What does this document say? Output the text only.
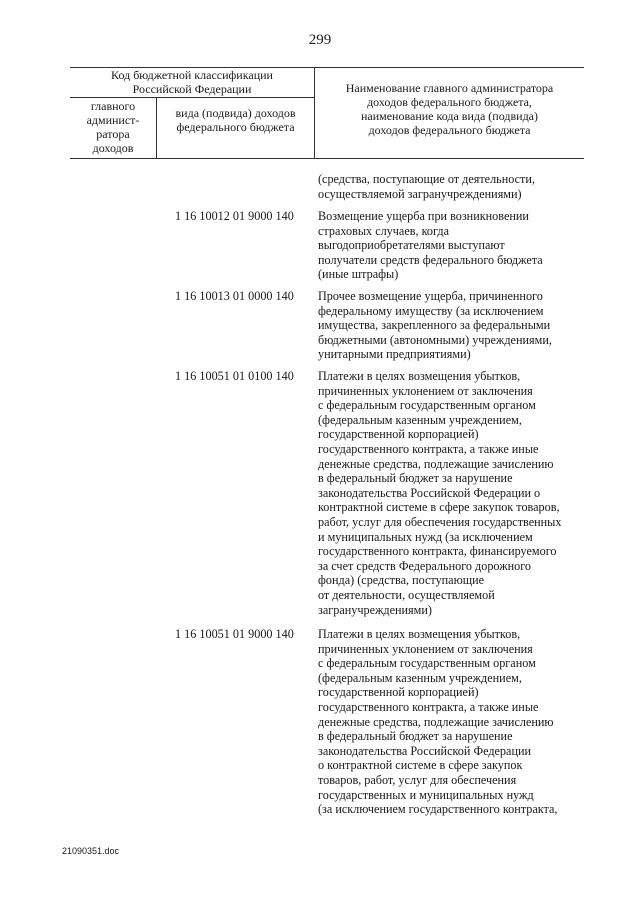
299
Код бюджетной классификации
Российской Федерации
главного
админист-
ратора
доходов
вида (подвида) доходов
федерального бюджета
Наименование главного администратора
доходов федерального бюджета,
наименование кода вида (подвида)
доходов федерального бюджета
(средства, поступающие от деятельности,
осуществляемой загранучреждениями)
1 16 10012 01 9000 140 Возмещение ущерба при возникновении
страховых случаев, когда
выгодоприобретателями выступают
получатели средств федерального бюджета
(иные штрафы)
1 16 10013 01 0000 140 Прочее возмещение ущерба, причиненного
федеральному имуществу (за исключением
имущества, закрепленного за федеральными
бюджетными (автономными) учреждениями,
унитарными предприятиями)
1 16 10051 01 0100 140 Платежи в целях возмещения убытков,
причиненных уклонением от заключения
с федеральным государственным органом
(федеральным казенным учреждением,
государственной корпорацией)
государственного контракта, а также иные
денежные средства, подлежащие зачислению
в федеральный бюджет за нарушение
законодательства Российской Федерации о
контрактной системе в сфере закупок товаров,
работ, услуг для обеспечения государственных
и муниципальных нужд (за исключением
государственного контракта, финансируемого
за счет средств Федерального дорожного
фонда) (средства, поступающие
от деятельности, осуществляемой
загранучреждениями)
1 16 10051 01 9000 140 Платежи в целях возмещения убытков,
причиненных уклонением от заключения
с федеральным государственным органом
(федеральным казенным учреждением,
государственной корпорацией)
государственного контракта, а также иные
денежные средства, подлежащие зачислению
в федеральный бюджет за нарушение
законодательства Российской Федерации
о контрактной системе в сфере закупок
товаров, работ, услуг для обеспечения
государственных и муниципальных нужд
(за исключением государственного контракта,
21090351.doc
